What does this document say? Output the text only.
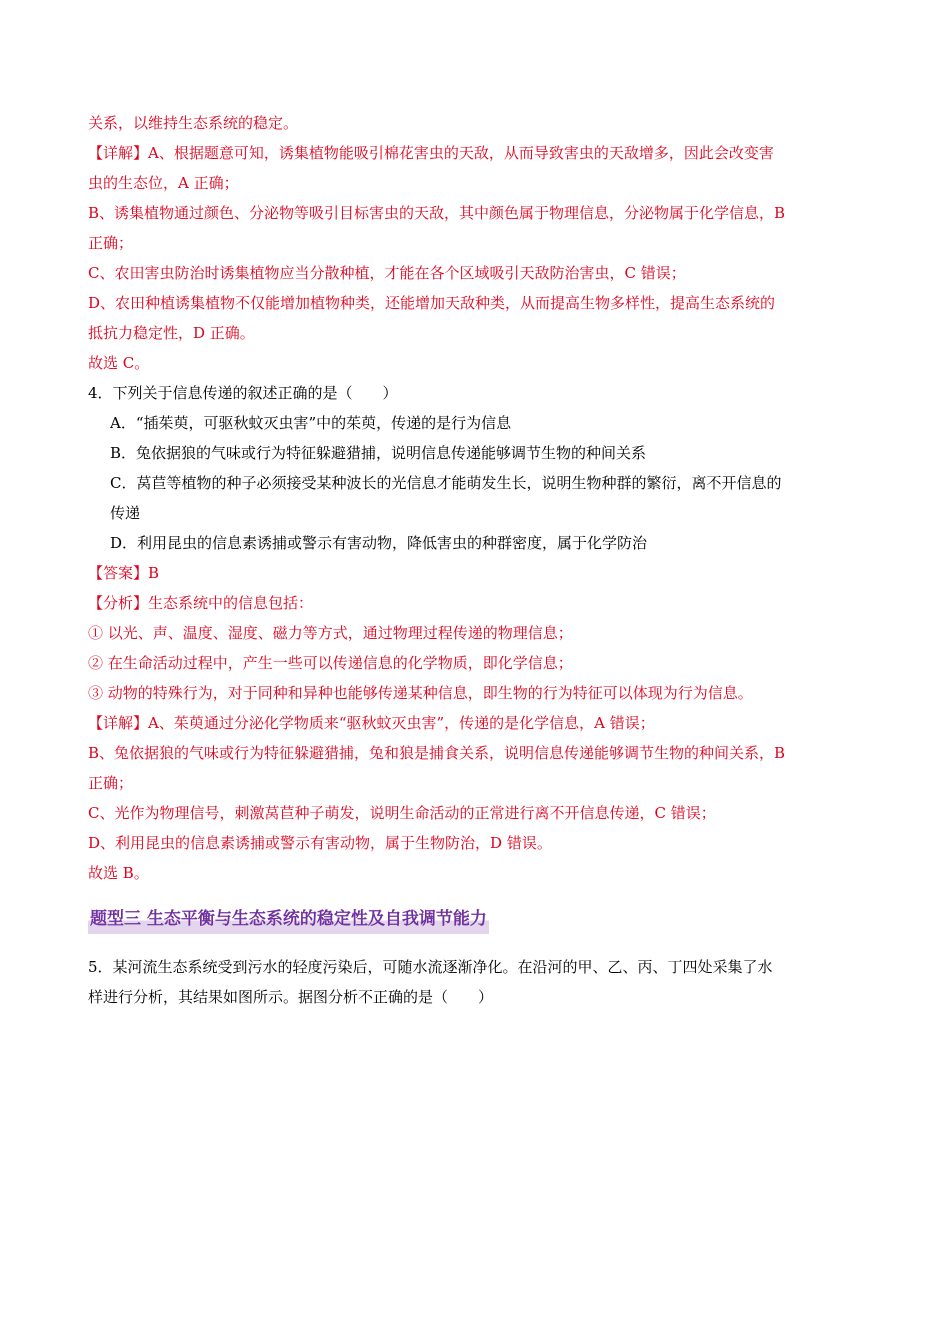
关系，以维持生态系统的稳定。
【详解】A、根据题意可知，诱集植物能吸引棉花害虫的天敌，从而导致害虫的天敌增多，因此会改变害
虫的生态位，A 正确；
B、诱集植物通过颜色、分泌物等吸引目标害虫的天敌，其中颜色属于物理信息，分泌物属于化学信息，B
正确；
C、农田害虫防治时诱集植物应当分散种植，才能在各个区域吸引天敌防治害虫，C 错误；
D、农田种植诱集植物不仅能增加植物种类，还能增加天敌种类，从而提高生物多样性，提高生态系统的
抵抗力稳定性，D 正确。
故选 C。
4．下列关于信息传递的叙述正确的是（　　）
A．“插茱萸，可驱秋蚊灭虫害”中的茱萸，传递的是行为信息
B．兔依据狼的气味或行为特征躲避猎捕，说明信息传递能够调节生物的种间关系
C．莴苣等植物的种子必须接受某种波长的光信息才能萌发生长，说明生物种群的繁衍，离不开信息的
传递
D．利用昆虫的信息素诱捕或警示有害动物，降低害虫的种群密度，属于化学防治
【答案】B
【分析】生态系统中的信息包括：
① 以光、声、温度、湿度、磁力等方式，通过物理过程传递的物理信息；
② 在生命活动过程中，产生一些可以传递信息的化学物质，即化学信息；
③ 动物的特殊行为，对于同种和异种也能够传递某种信息，即生物的行为特征可以体现为行为信息。
【详解】A、茱萸通过分泌化学物质来“驱秋蚊灭虫害”，传递的是化学信息，A 错误；
B、兔依据狼的气味或行为特征躲避猎捕，兔和狼是捕食关系，说明信息传递能够调节生物的种间关系，B
正确；
C、光作为物理信号，刺激莴苣种子萌发，说明生命活动的正常进行离不开信息传递，C 错误；
D、利用昆虫的信息素诱捕或警示有害动物，属于生物防治，D 错误。
故选 B。
题型三 生态平衡与生态系统的稳定性及自我调节能力
5．某河流生态系统受到污水的轻度污染后，可随水流逐渐净化。在沿河的甲、乙、丙、丁四处采集了水
样进行分析，其结果如图所示。据图分析不正确的是（　　）
